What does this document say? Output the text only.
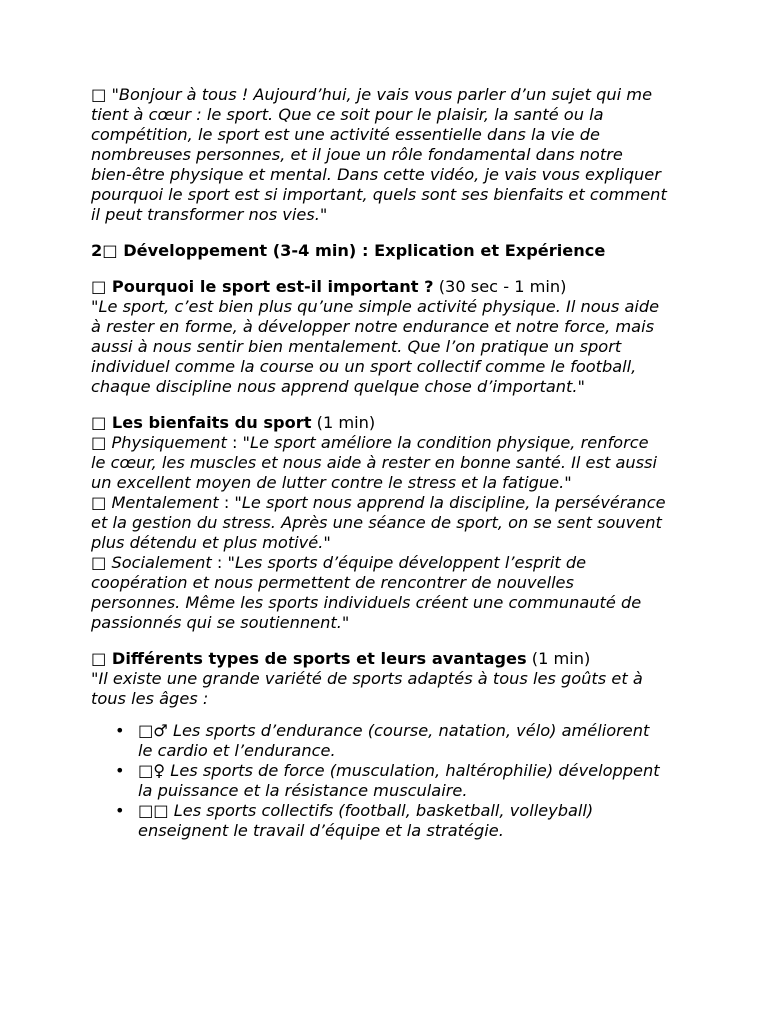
□ "Bonjour à tous ! Aujourd’hui, je vais vous parler d’un sujet qui me tient à cœur : le sport. Que ce soit pour le plaisir, la santé ou la compétition, le sport est une activité essentielle dans la vie de nombreuses personnes, et il joue un rôle fondamental dans notre bien-être physique et mental. Dans cette vidéo, je vais vous expliquer pourquoi le sport est si important, quels sont ses bienfaits et comment il peut transformer nos vies."

2□ Développement (3-4 min) : Explication et Expérience

□ Pourquoi le sport est-il important ? (30 sec - 1 min)
"Le sport, c’est bien plus qu’une simple activité physique. Il nous aide à rester en forme, à développer notre endurance et notre force, mais aussi à nous sentir bien mentalement. Que l’on pratique un sport individuel comme la course ou un sport collectif comme le football, chaque discipline nous apprend quelque chose d’important."

□ Les bienfaits du sport (1 min)
□ Physiquement : "Le sport améliore la condition physique, renforce le cœur, les muscles et nous aide à rester en bonne santé. Il est aussi un excellent moyen de lutter contre le stress et la fatigue."
□ Mentalement : "Le sport nous apprend la discipline, la persévérance et la gestion du stress. Après une séance de sport, on se sent souvent plus détendu et plus motivé."
□ Socialement : "Les sports d’équipe développent l’esprit de coopération et nous permettent de rencontrer de nouvelles personnes. Même les sports individuels créent une communauté de passionnés qui se soutiennent."

□ Différents types de sports et leurs avantages (1 min)
"Il existe une grande variété de sports adaptés à tous les goûts et à tous les âges :
• □♂ Les sports d’endurance (course, natation, vélo) améliorent le cardio et l’endurance.
• □♀ Les sports de force (musculation, haltérophilie) développent la puissance et la résistance musculaire.
• □□ Les sports collectifs (football, basketball, volleyball) enseignent le travail d’équipe et la stratégie.
